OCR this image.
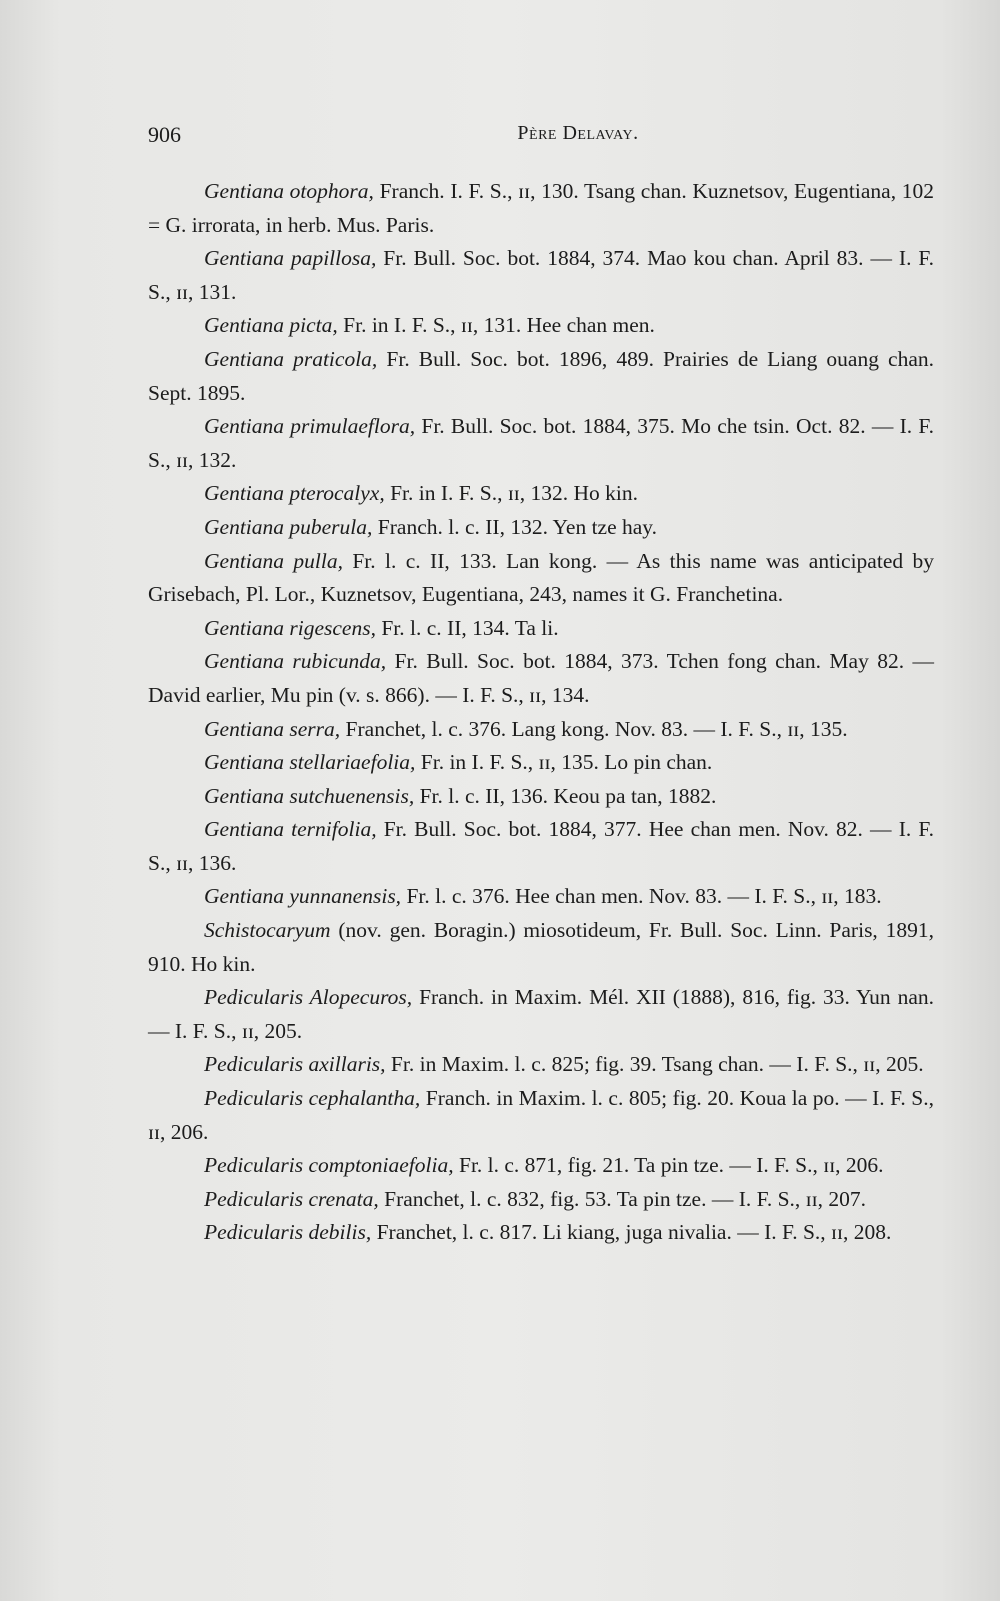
906	Père Delavay.

Gentiana otophora, Franch. I. F. S., ɪɪ, 130. Tsang chan. Kuznetsov, Eugentiana, 102 = G. irrorata, in herb. Mus. Paris.

Gentiana papillosa, Fr. Bull. Soc. bot. 1884, 374. Mao kou chan. April 83. — I. F. S., ɪɪ, 131.

Gentiana picta, Fr. in I. F. S., ɪɪ, 131. Hee chan men.

Gentiana praticola, Fr. Bull. Soc. bot. 1896, 489. Prairies de Liang ouang chan. Sept. 1895.

Gentiana primulaeflora, Fr. Bull. Soc. bot. 1884, 375. Mo che tsin. Oct. 82. — I. F. S., ɪɪ, 132.

Gentiana pterocalyx, Fr. in I. F. S., ɪɪ, 132. Ho kin.

Gentiana puberula, Franch. l. c. II, 132. Yen tze hay.

Gentiana pulla, Fr. l. c. II, 133. Lan kong. — As this name was anticipated by Grisebach, Pl. Lor., Kuznetsov, Eugentiana, 243, names it G. Franchetina.

Gentiana rigescens, Fr. l. c. II, 134. Ta li.

Gentiana rubicunda, Fr. Bull. Soc. bot. 1884, 373. Tchen fong chan. May 82. — David earlier, Mu pin (v. s. 866). — I. F. S., ɪɪ, 134.

Gentiana serra, Franchet, l. c. 376. Lang kong. Nov. 83. — I. F. S., ɪɪ, 135.

Gentiana stellariaefolia, Fr. in I. F. S., ɪɪ, 135. Lo pin chan.

Gentiana sutchuenensis, Fr. l. c. II, 136. Keou pa tan, 1882.

Gentiana ternifolia, Fr. Bull. Soc. bot. 1884, 377. Hee chan men. Nov. 82. — I. F. S., ɪɪ, 136.

Gentiana yunnanensis, Fr. l. c. 376. Hee chan men. Nov. 83. — I. F. S., ɪɪ, 183.

Schistocaryum (nov. gen. Boragin.) miosotideum, Fr. Bull. Soc. Linn. Paris, 1891, 910. Ho kin.

Pedicularis Alopecuros, Franch. in Maxim. Mél. XII (1888), 816, fig. 33. Yun nan. — I. F. S., ɪɪ, 205.

Pedicularis axillaris, Fr. in Maxim. l. c. 825; fig. 39. Tsang chan. — I. F. S., ɪɪ, 205.

Pedicularis cephalantha, Franch. in Maxim. l. c. 805; fig. 20. Koua la po. — I. F. S., ɪɪ, 206.

Pedicularis comptoniaefolia, Fr. l. c. 871, fig. 21. Ta pin tze. — I. F. S., ɪɪ, 206.

Pedicularis crenata, Franchet, l. c. 832, fig. 53. Ta pin tze. — I. F. S., ɪɪ, 207.

Pedicularis debilis, Franchet, l. c. 817. Li kiang, juga nivalia. — I. F. S., ɪɪ, 208.
